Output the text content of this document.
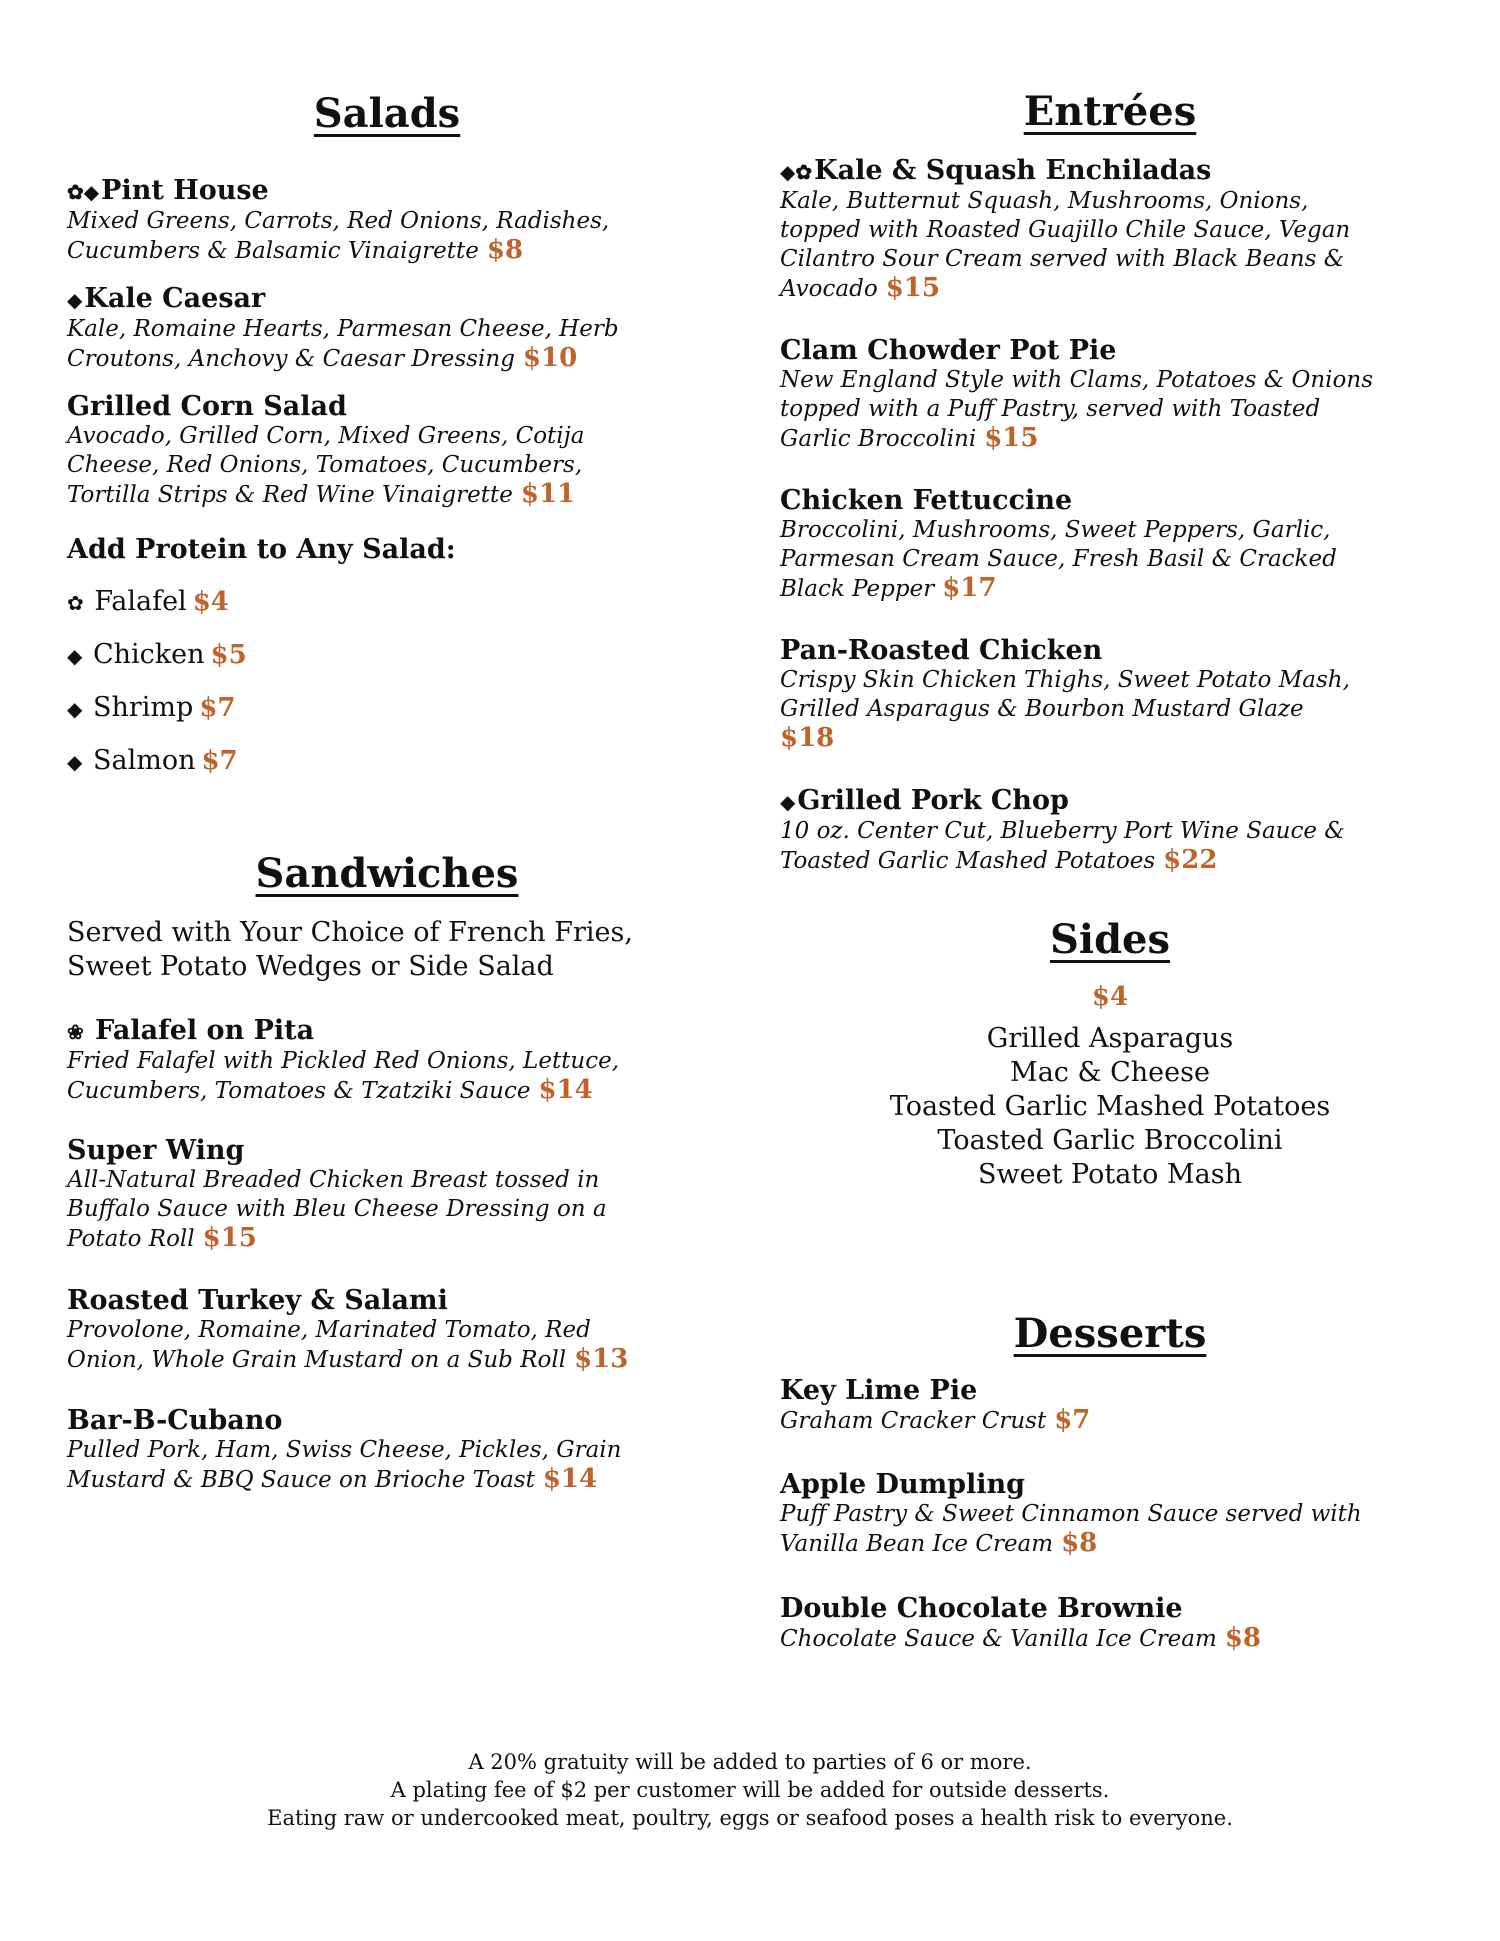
Salads
✿◆Pint House
Mixed Greens, Carrots, Red Onions, Radishes,
Cucumbers & Balsamic Vinaigrette $8
◆Kale Caesar
Kale, Romaine Hearts, Parmesan Cheese, Herb
Croutons, Anchovy & Caesar Dressing $10
Grilled Corn Salad
Avocado, Grilled Corn, Mixed Greens, Cotija
Cheese, Red Onions, Tomatoes, Cucumbers,
Tortilla Strips & Red Wine Vinaigrette $11
Add Protein to Any Salad:
✿ Falafel $4
◆ Chicken $5
◆ Shrimp $7
◆ Salmon $7
Sandwiches
Served with Your Choice of French Fries,
Sweet Potato Wedges or Side Salad
❀ Falafel on Pita
Fried Falafel with Pickled Red Onions, Lettuce,
Cucumbers, Tomatoes & Tzatziki Sauce $14
Super Wing
All-Natural Breaded Chicken Breast tossed in
Buffalo Sauce with Bleu Cheese Dressing on a
Potato Roll $15
Roasted Turkey & Salami
Provolone, Romaine, Marinated Tomato, Red
Onion, Whole Grain Mustard on a Sub Roll $13
Bar-B-Cubano
Pulled Pork, Ham, Swiss Cheese, Pickles, Grain
Mustard & BBQ Sauce on Brioche Toast $14
Entrées
◆✿Kale & Squash Enchiladas
Kale, Butternut Squash, Mushrooms, Onions,
topped with Roasted Guajillo Chile Sauce, Vegan
Cilantro Sour Cream served with Black Beans &
Avocado $15
Clam Chowder Pot Pie
New England Style with Clams, Potatoes & Onions
topped with a Puff Pastry, served with Toasted
Garlic Broccolini $15
Chicken Fettuccine
Broccolini, Mushrooms, Sweet Peppers, Garlic,
Parmesan Cream Sauce, Fresh Basil & Cracked
Black Pepper $17
Pan-Roasted Chicken
Crispy Skin Chicken Thighs, Sweet Potato Mash,
Grilled Asparagus & Bourbon Mustard Glaze
$18
◆Grilled Pork Chop
10 oz. Center Cut, Blueberry Port Wine Sauce &
Toasted Garlic Mashed Potatoes $22
Sides
$4
Grilled Asparagus
Mac & Cheese
Toasted Garlic Mashed Potatoes
Toasted Garlic Broccolini
Sweet Potato Mash
Desserts
Key Lime Pie
Graham Cracker Crust $7
Apple Dumpling
Puff Pastry & Sweet Cinnamon Sauce served with
Vanilla Bean Ice Cream $8
Double Chocolate Brownie
Chocolate Sauce & Vanilla Ice Cream $8
A 20% gratuity will be added to parties of 6 or more.
A plating fee of $2 per customer will be added for outside desserts.
Eating raw or undercooked meat, poultry, eggs or seafood poses a health risk to everyone.
